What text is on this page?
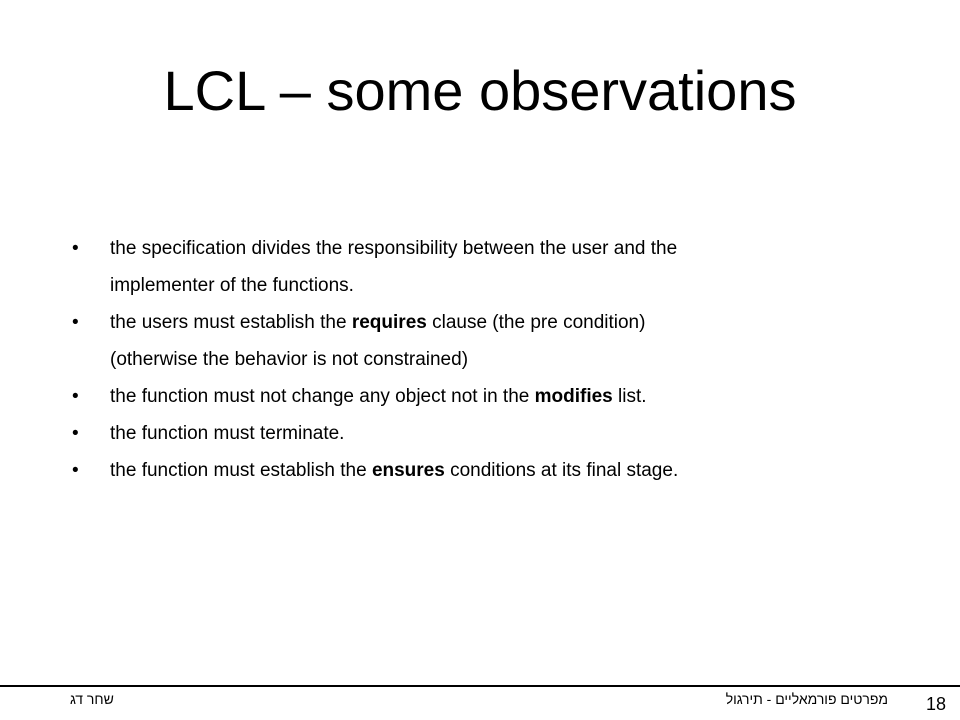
LCL – some observations
•	the specification divides the responsibility between the user and the
implementer of the functions.
•	the users must establish the requires clause (the pre condition)
(otherwise the behavior is not constrained)
•	the function must not change any object not in the modifies list.
•	the function must terminate.
•	the function must establish the ensures conditions at its final stage.
שחר דג	מפרטים פורמאליים - תירגול 18
